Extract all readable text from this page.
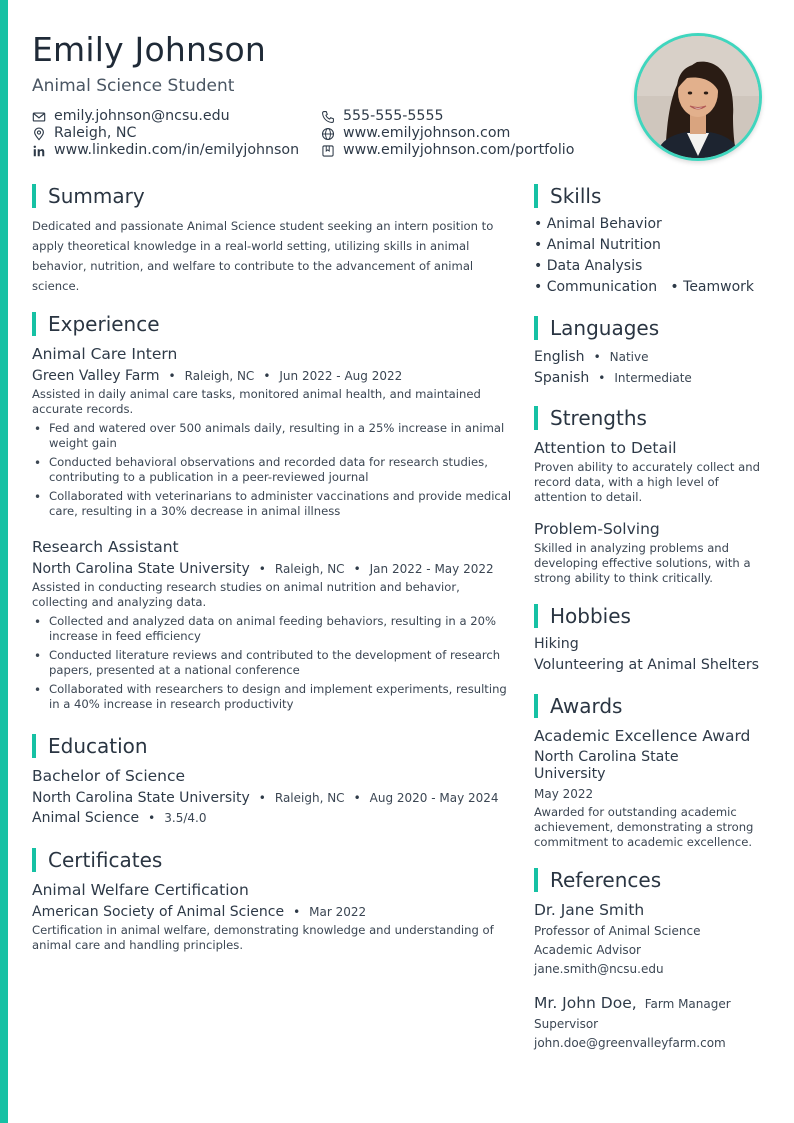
Emily Johnson
Animal Science Student
emily.johnson@ncsu.edu
Raleigh, NC
www.linkedin.com/in/emilyjohnson
555-555-5555
www.emilyjohnson.com
www.emilyjohnson.com/portfolio
Summary
Dedicated and passionate Animal Science student seeking an intern position to
apply theoretical knowledge in a real-world setting, utilizing skills in animal
behavior, nutrition, and welfare to contribute to the advancement of animal
science.
Experience
Animal Care Intern
Green Valley Farm • Raleigh, NC • Jun 2022 - Aug 2022
Assisted in daily animal care tasks, monitored animal health, and maintained accurate records.
• Fed and watered over 500 animals daily, resulting in a 25% increase in animal weight gain
• Conducted behavioral observations and recorded data for research studies, contributing to a publication in a peer-reviewed journal
• Collaborated with veterinarians to administer vaccinations and provide medical care, resulting in a 30% decrease in animal illness
Research Assistant
North Carolina State University • Raleigh, NC • Jan 2022 - May 2022
Assisted in conducting research studies on animal nutrition and behavior, collecting and analyzing data.
• Collected and analyzed data on animal feeding behaviors, resulting in a 20% increase in feed efficiency
• Conducted literature reviews and contributed to the development of research papers, presented at a national conference
• Collaborated with researchers to design and implement experiments, resulting in a 40% increase in research productivity
Education
Bachelor of Science
North Carolina State University • Raleigh, NC • Aug 2020 - May 2024
Animal Science • 3.5/4.0
Certificates
Animal Welfare Certification
American Society of Animal Science • Mar 2022
Certification in animal welfare, demonstrating knowledge and understanding of animal care and handling principles.
Skills
• Animal Behavior
• Animal Nutrition
• Data Analysis
• Communication   • Teamwork
Languages
English • Native
Spanish • Intermediate
Strengths
Attention to Detail
Proven ability to accurately collect and record data, with a high level of attention to detail.
Problem-Solving
Skilled in analyzing problems and developing effective solutions, with a strong ability to think critically.
Hobbies
Hiking
Volunteering at Animal Shelters
Awards
Academic Excellence Award
North Carolina State
University
May 2022
Awarded for outstanding academic achievement, demonstrating a strong commitment to academic excellence.
References
Dr. Jane Smith
Professor of Animal Science
Academic Advisor
jane.smith@ncsu.edu
Mr. John Doe, Farm Manager
Supervisor
john.doe@greenvalleyfarm.com
